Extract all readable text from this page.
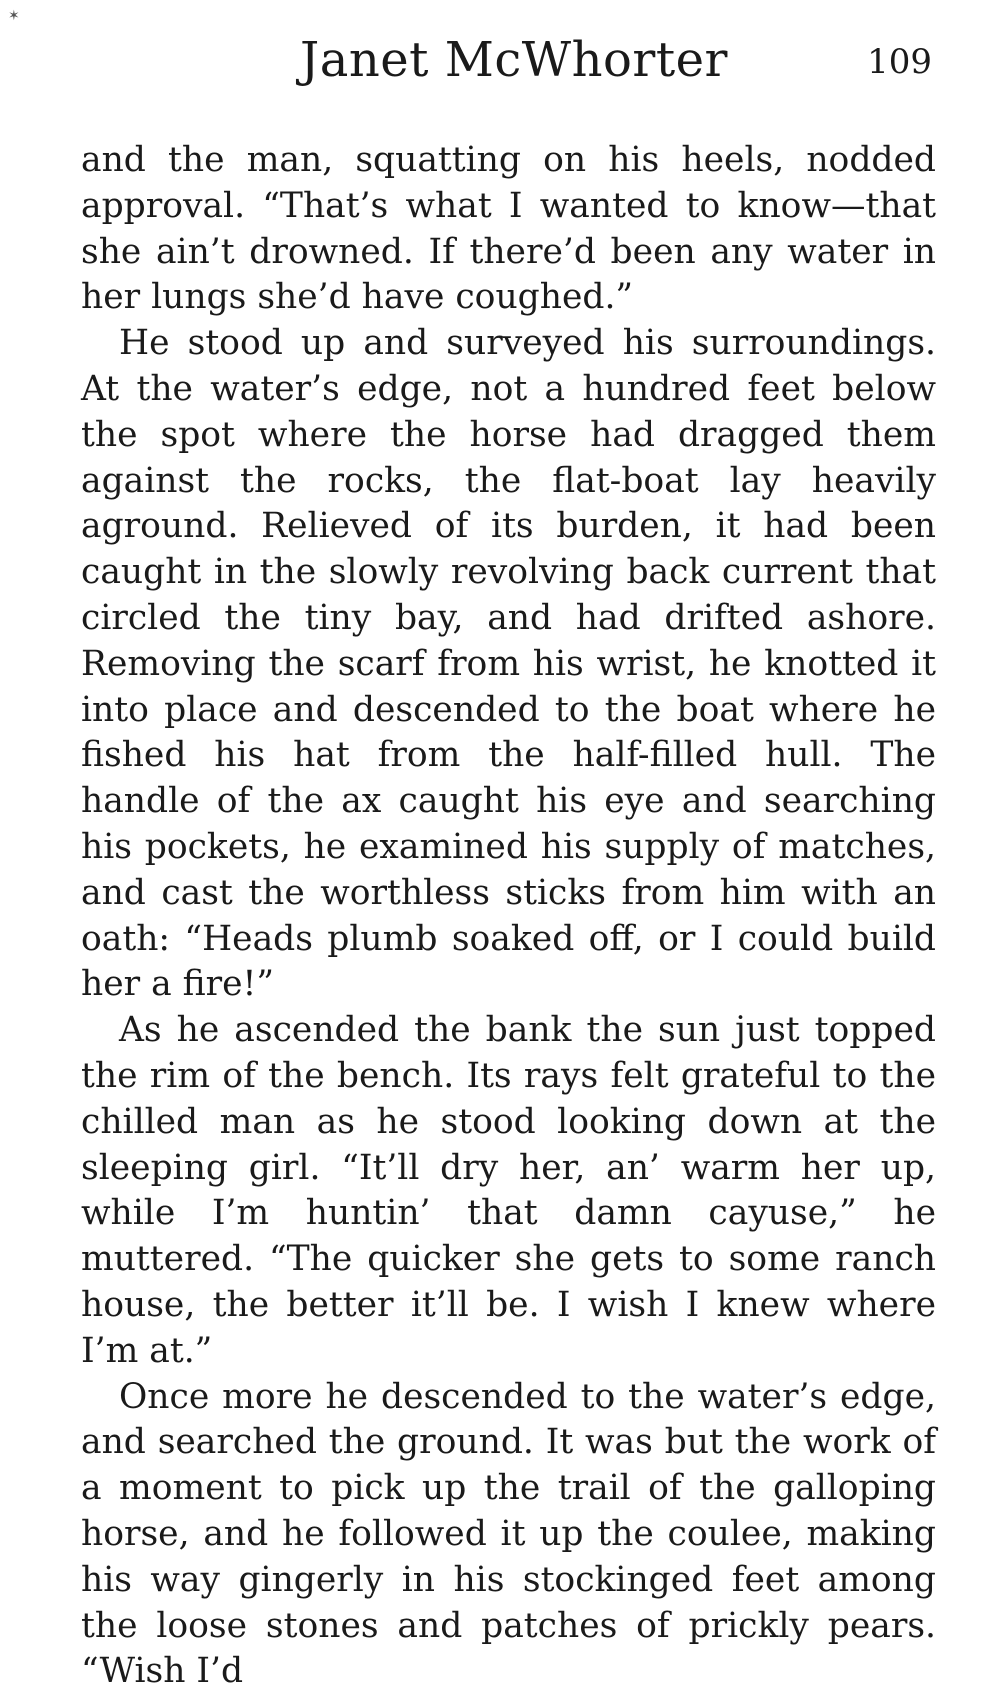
✶
Janet McWhorter	109

and the man, squatting on his heels, nodded approval. “That’s what I wanted to know—that she ain’t drowned. If there’d been any water in her lungs she’d have coughed.”

He stood up and surveyed his surroundings. At the water’s edge, not a hundred feet below the spot where the horse had dragged them against the rocks, the flat-boat lay heavily aground. Relieved of its burden, it had been caught in the slowly revolving back current that circled the tiny bay, and had drifted ashore. Removing the scarf from his wrist, he knotted it into place and descended to the boat where he fished his hat from the half-filled hull. The handle of the ax caught his eye and searching his pockets, he examined his supply of matches, and cast the worthless sticks from him with an oath: “Heads plumb soaked off, or I could build her a fire!”

As he ascended the bank the sun just topped the rim of the bench. Its rays felt grateful to the chilled man as he stood looking down at the sleeping girl. “It’ll dry her, an’ warm her up, while I’m huntin’ that damn cayuse,” he muttered. “The quicker she gets to some ranch house, the better it’ll be. I wish I knew where I’m at.”

Once more he descended to the water’s edge, and searched the ground. It was but the work of a moment to pick up the trail of the galloping horse, and he followed it up the coulee, making his way gingerly in his stockinged feet among the loose stones and patches of prickly pears. “Wish I’d
